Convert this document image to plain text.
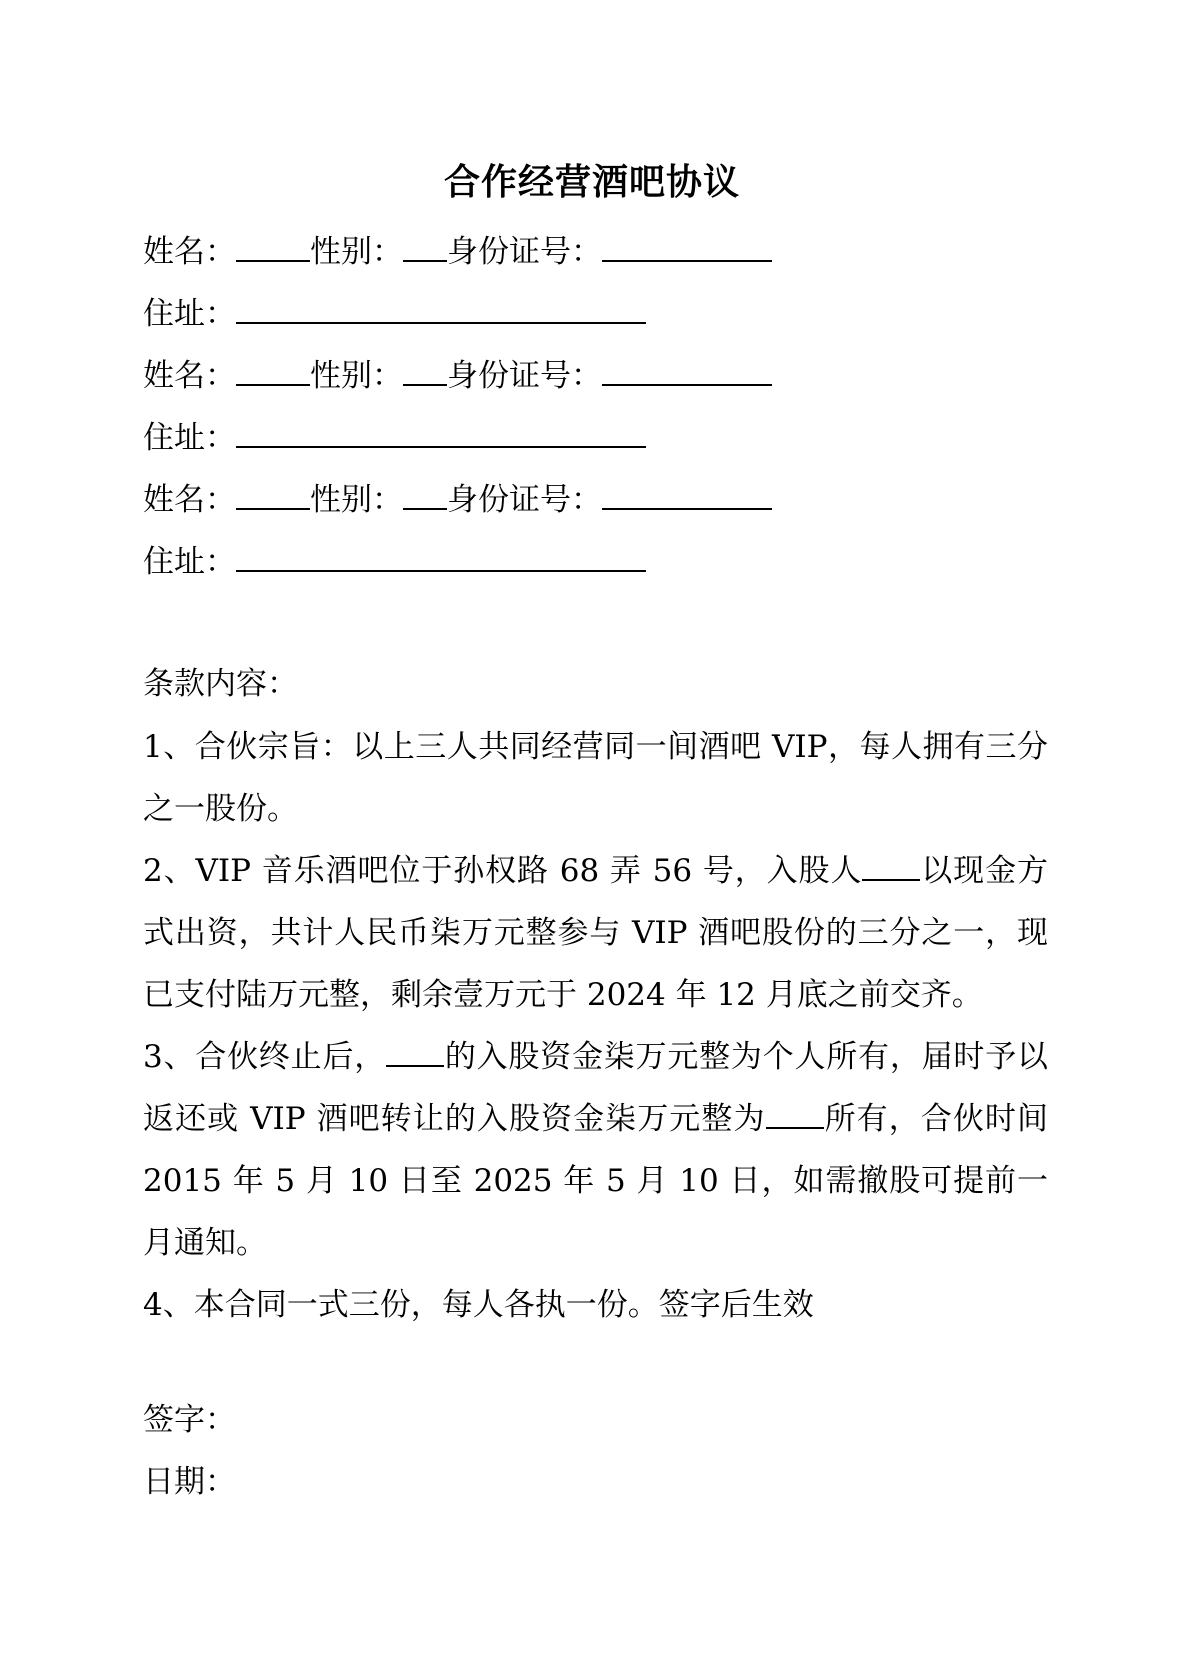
合作经营酒吧协议
姓名： 性别： 身份证号：
住址：
姓名： 性别： 身份证号：
住址：
姓名： 性别： 身份证号：
住址：
条款内容：
1、合伙宗旨：以上三人共同经营同一间酒吧 VIP，每人拥有三分之一股份。
2、VIP 音乐酒吧位于孙权路 68 弄 56 号，入股人 以现金方式出资，共计人民币柒万元整参与 VIP 酒吧股份的三分之一，现已支付陆万元整，剩余壹万元于 2024 年 12 月底之前交齐。
3、合伙终止后， 的入股资金柒万元整为个人所有，届时予以返还或 VIP 酒吧转让的入股资金柒万元整为 所有，合伙时间 2015 年 5 月 10 日至 2025 年 5 月 10 日，如需撤股可提前一月通知。
4、本合同一式三份，每人各执一份。签字后生效
签字：
日期：
